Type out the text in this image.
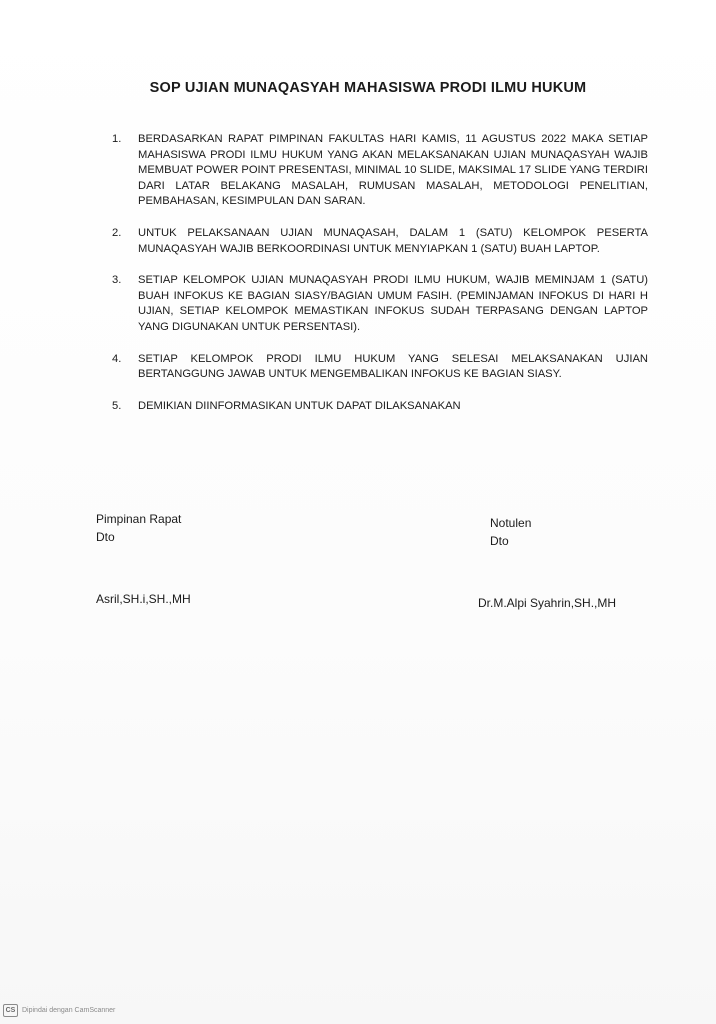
SOP UJIAN MUNAQASYAH MAHASISWA PRODI ILMU HUKUM
1.	BERDASARKAN RAPAT PIMPINAN FAKULTAS HARI KAMIS, 11 AGUSTUS 2022 MAKA SETIAP MAHASISWA PRODI ILMU HUKUM YANG AKAN MELAKSANAKAN UJIAN MUNAQASYAH WAJIB MEMBUAT POWER POINT PRESENTASI, MINIMAL 10 SLIDE, MAKSIMAL 17 SLIDE YANG TERDIRI DARI LATAR BELAKANG MASALAH, RUMUSAN MASALAH, METODOLOGI PENELITIAN, PEMBAHASAN, KESIMPULAN DAN SARAN.
2.	UNTUK PELAKSANAAN UJIAN MUNAQASAH, DALAM 1 (SATU) KELOMPOK PESERTA MUNAQASYAH WAJIB BERKOORDINASI UNTUK MENYIAPKAN 1 (SATU) BUAH LAPTOP.
3.	SETIAP KELOMPOK UJIAN MUNAQASYAH PRODI ILMU HUKUM, WAJIB MEMINJAM 1 (SATU) BUAH INFOKUS KE BAGIAN SIASY/BAGIAN UMUM FASIH. (PEMINJAMAN INFOKUS DI HARI H UJIAN, SETIAP KELOMPOK MEMASTIKAN INFOKUS SUDAH TERPASANG DENGAN LAPTOP YANG DIGUNAKAN UNTUK PERSENTASI).
4.	SETIAP KELOMPOK PRODI ILMU HUKUM YANG SELESAI MELAKSANAKAN UJIAN BERTANGGUNG JAWAB UNTUK MENGEMBALIKAN INFOKUS KE BAGIAN SIASY.
5.	DEMIKIAN DIINFORMASIKAN UNTUK DAPAT DILAKSANAKAN
Pimpinan Rapat
Dto
Notulen
Dto
Asril,SH.i,SH.,MH	Dr.M.Alpi Syahrin,SH.,MH
CS Dipindai dengan CamScanner
